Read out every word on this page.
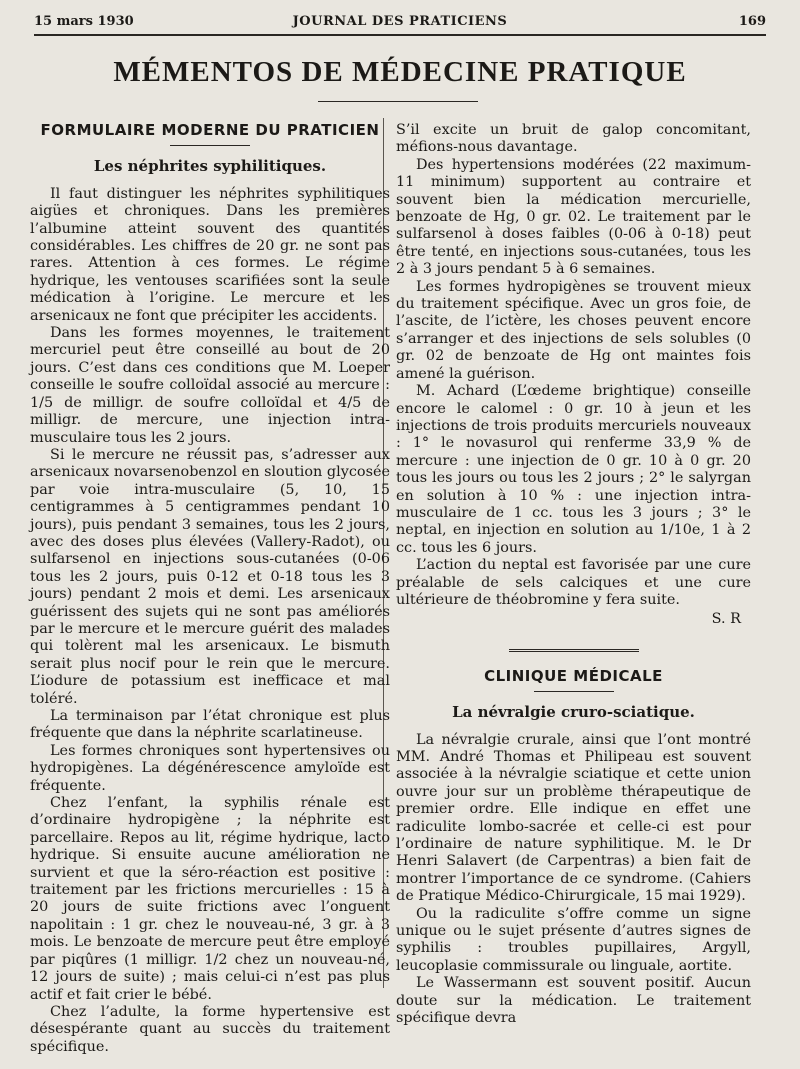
15 mars 1930	JOURNAL DES PRATICIENS	169
MÉMENTOS DE MÉDECINE PRATIQUE
FORMULAIRE MODERNE DU PRATICIEN
Les néphrites syphilitiques.

Il faut distinguer les néphrites syphilitiques aigües et chroniques. Dans les premières l’albumine atteint souvent des quantités considérables. Les chiffres de 20 gr. ne sont pas rares. Attention à ces formes. Le régime hydrique, les ventouses scarifiées sont la seule médication à l’origine. Le mercure et les arsenicaux ne font que précipiter les accidents.

Dans les formes moyennes, le traitement mercuriel peut être conseillé au bout de 20 jours. C’est dans ces conditions que M. Loeper conseille le soufre colloïdal associé au mercure : 1/5 de milligr. de soufre colloïdal et 4/5 de milligr. de mercure, une injection intra-musculaire tous les 2 jours.

Si le mercure ne réussit pas, s’adresser aux arsenicaux novarsenobenzol en sloution glycosée par voie intra-musculaire (5, 10, 15 centigrammes à 5 centigrammes pendant 10 jours), puis pendant 3 semaines, tous les 2 jours, avec des doses plus élevées (Vallery-Radot), ou sulfarsenol en injections sous-cutanées (0-06 tous les 2 jours, puis 0-12 et 0-18 tous les 3 jours) pendant 2 mois et demi. Les arsenicaux guérissent des sujets qui ne sont pas améliorés par le mercure et le mercure guérit des malades qui tolèrent mal les arsenicaux. Le bismuth serait plus nocif pour le rein que le mercure. L’iodure de potassium est inefficace et mal toléré.

La terminaison par l’état chronique est plus fréquente que dans la néphrite scarlatineuse.

Les formes chroniques sont hypertensives ou hydropigènes. La dégénérescence amyloïde est fréquente.

Chez l’enfant, la syphilis rénale est d’ordinaire hydropigène ; la néphrite est parcellaire. Repos au lit, régime hydrique, lacto hydrique. Si ensuite aucune amélioration ne survient et que la séro-réaction est positive : traitement par les frictions mercurielles : 15 à 20 jours de suite frictions avec l’onguent napolitain : 1 gr. chez le nouveau-né, 3 gr. à 3 mois. Le benzoate de mercure peut être employé par piqûres (1 milligr. 1/2 chez un nouveau-né, 12 jours de suite) ; mais celui-ci n’est pas plus actif et fait crier le bébé.

Chez l’adulte, la forme hypertensive est désespérante quant au succès du traitement spécifique.

S’il excite un bruit de galop concomitant, méfions-nous davantage.

Des hypertensions modérées (22 maximum-11 minimum) supportent au contraire et souvent bien la médication mercurielle, benzoate de Hg, 0 gr. 02. Le traitement par le sulfarsenol à doses faibles (0-06 à 0-18) peut être tenté, en injections sous-cutanées, tous les 2 à 3 jours pendant 5 à 6 semaines.

Les formes hydropigènes se trouvent mieux du traitement spécifique. Avec un gros foie, de l’ascite, de l’ictère, les choses peuvent encore s’arranger et des injections de sels solubles (0 gr. 02 de benzoate de Hg ont maintes fois amené la guérison.

M. Achard (L’œdeme brightique) conseille encore le calomel : 0 gr. 10 à jeun et les injections de trois produits mercuriels nouveaux : 1° le novasurol qui renferme 33,9 % de mercure : une injection de 0 gr. 10 à 0 gr. 20 tous les jours ou tous les 2 jours ; 2° le salyrgan en solution à 10 % : une injection intra-musculaire de 1 cc. tous les 3 jours ; 3° le neptal, en injection en solution au 1/10e, 1 à 2 cc. tous les 6 jours.

L’action du neptal est favorisée par une cure préalable de sels calciques et une cure ultérieure de théobromine y fera suite.

S. R
CLINIQUE MÉDICALE
La névralgie cruro-sciatique.

La névralgie crurale, ainsi que l’ont montré MM. André Thomas et Philipeau est souvent associée à la névralgie sciatique et cette union ouvre jour sur un problème thérapeutique de premier ordre. Elle indique en effet une radiculite lombo-sacrée et celle-ci est pour l’ordinaire de nature syphilitique. M. le Dr Henri Salavert (de Carpentras) a bien fait de montrer l’importance de ce syndrome. (Cahiers de Pratique Médico-Chirurgicale, 15 mai 1929).

Ou la radiculite s’offre comme un signe unique ou le sujet présente d’autres signes de syphilis : troubles pupillaires, Argyll, leucoplasie commissurale ou linguale, aortite.

Le Wassermann est souvent positif. Aucun doute sur la médication. Le traitement spécifique devra
